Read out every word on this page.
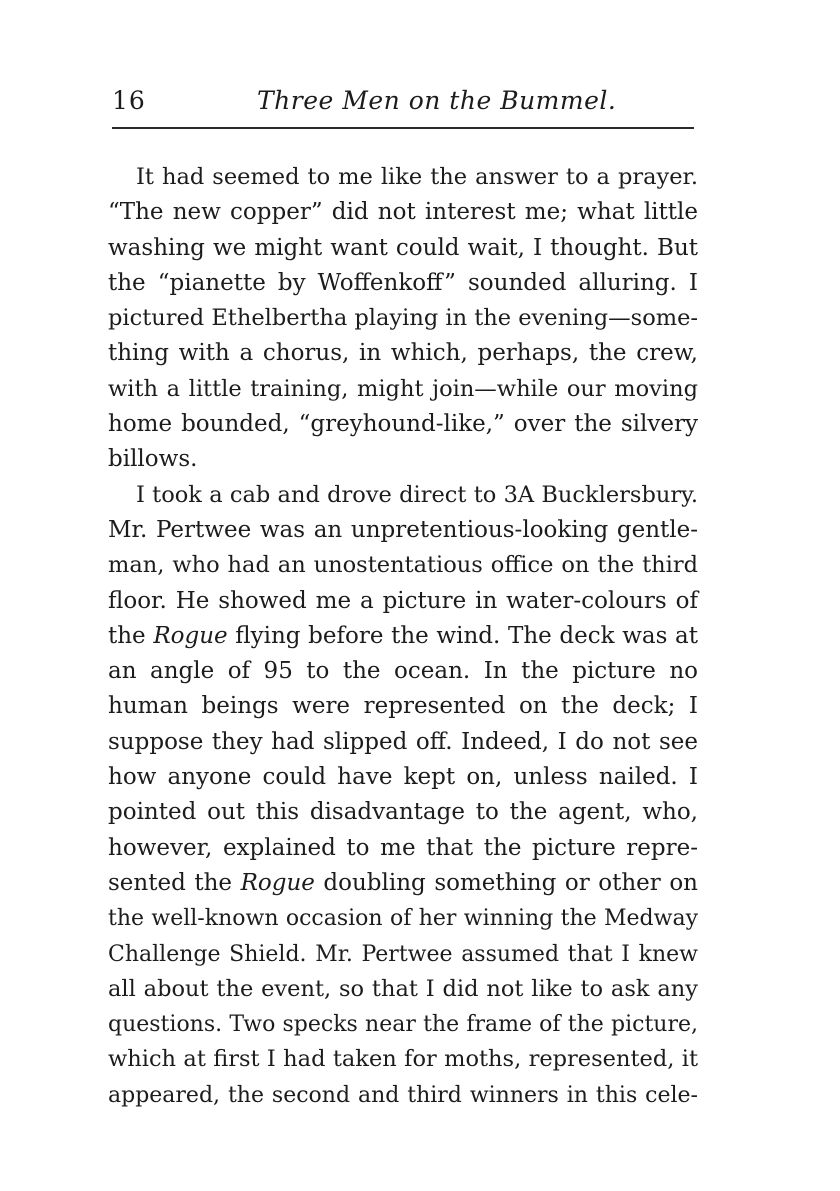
16	Three Men on the Bummel.
It had seemed to me like the answer to a prayer.
“The new copper” did not interest me; what little
washing we might want could wait, I thought. But
the “pianette by Woffenkoff” sounded alluring. I
pictured Ethelbertha playing in the evening—some-
thing with a chorus, in which, perhaps, the crew,
with a little training, might join—while our moving
home bounded, “greyhound-like,” over the silvery
billows.
I took a cab and drove direct to 3A Bucklersbury.
Mr. Pertwee was an unpretentious-looking gentle-
man, who had an unostentatious office on the third
floor. He showed me a picture in water-colours of
the Rogue flying before the wind. The deck was at
an angle of 95 to the ocean. In the picture no
human beings were represented on the deck; I
suppose they had slipped off. Indeed, I do not see
how anyone could have kept on, unless nailed. I
pointed out this disadvantage to the agent, who,
however, explained to me that the picture repre-
sented the Rogue doubling something or other on
the well-known occasion of her winning the Medway
Challenge Shield. Mr. Pertwee assumed that I knew
all about the event, so that I did not like to ask any
questions. Two specks near the frame of the picture,
which at first I had taken for moths, represented, it
appeared, the second and third winners in this cele-
